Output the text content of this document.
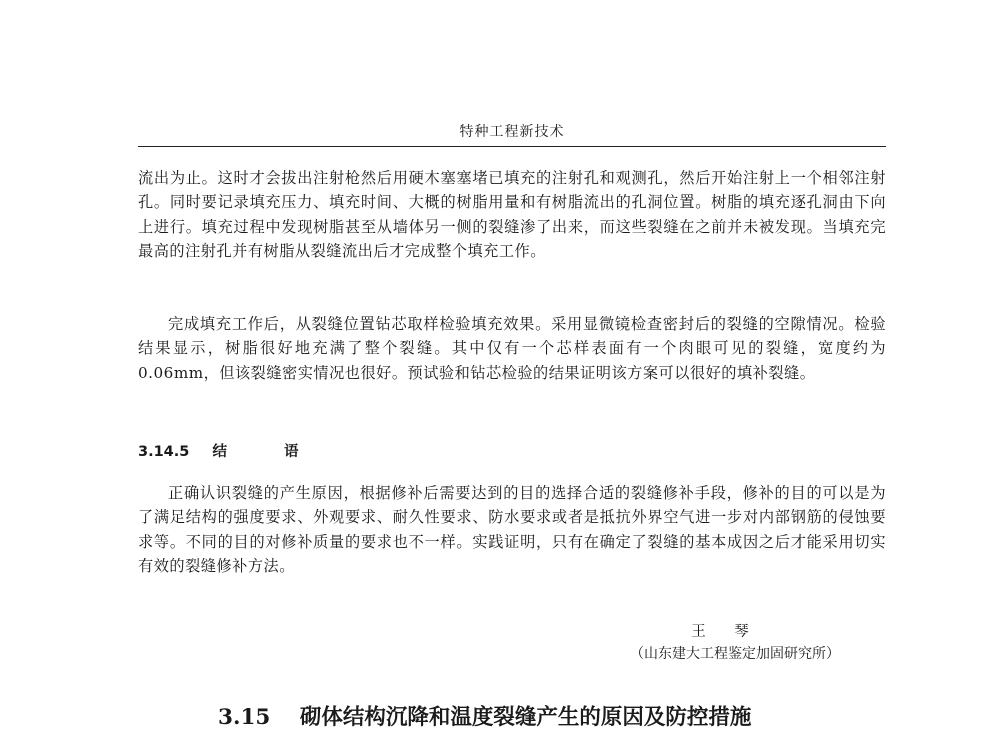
特种工程新技术

流出为止。这时才会拔出注射枪然后用硬木塞塞堵已填充的注射孔和观测孔，然后开始注射上一个相邻注射孔。同时要记录填充压力、填充时间、大概的树脂用量和有树脂流出的孔洞位置。树脂的填充逐孔洞由下向上进行。填充过程中发现树脂甚至从墙体另一侧的裂缝渗了出来，而这些裂缝在之前并未被发现。当填充完最高的注射孔并有树脂从裂缝流出后才完成整个填充工作。

完成填充工作后，从裂缝位置钻芯取样检验填充效果。采用显微镜检查密封后的裂缝的空隙情况。检验结果显示，树脂很好地充满了整个裂缝。其中仅有一个芯样表面有一个肉眼可见的裂缝，宽度约为 0.06mm，但该裂缝密实情况也很好。预试验和钻芯检验的结果证明该方案可以很好的填补裂缝。

3.14.5 结 语

正确认识裂缝的产生原因，根据修补后需要达到的目的选择合适的裂缝修补手段，修补的目的可以是为了满足结构的强度要求、外观要求、耐久性要求、防水要求或者是抵抗外界空气进一步对内部钢筋的侵蚀要求等。不同的目的对修补质量的要求也不一样。实践证明，只有在确定了裂缝的基本成因之后才能采用切实有效的裂缝修补方法。

王 琴
（山东建大工程鉴定加固研究所）
3.15 砌体结构沉降和温度裂缝产生的原因及防控措施
